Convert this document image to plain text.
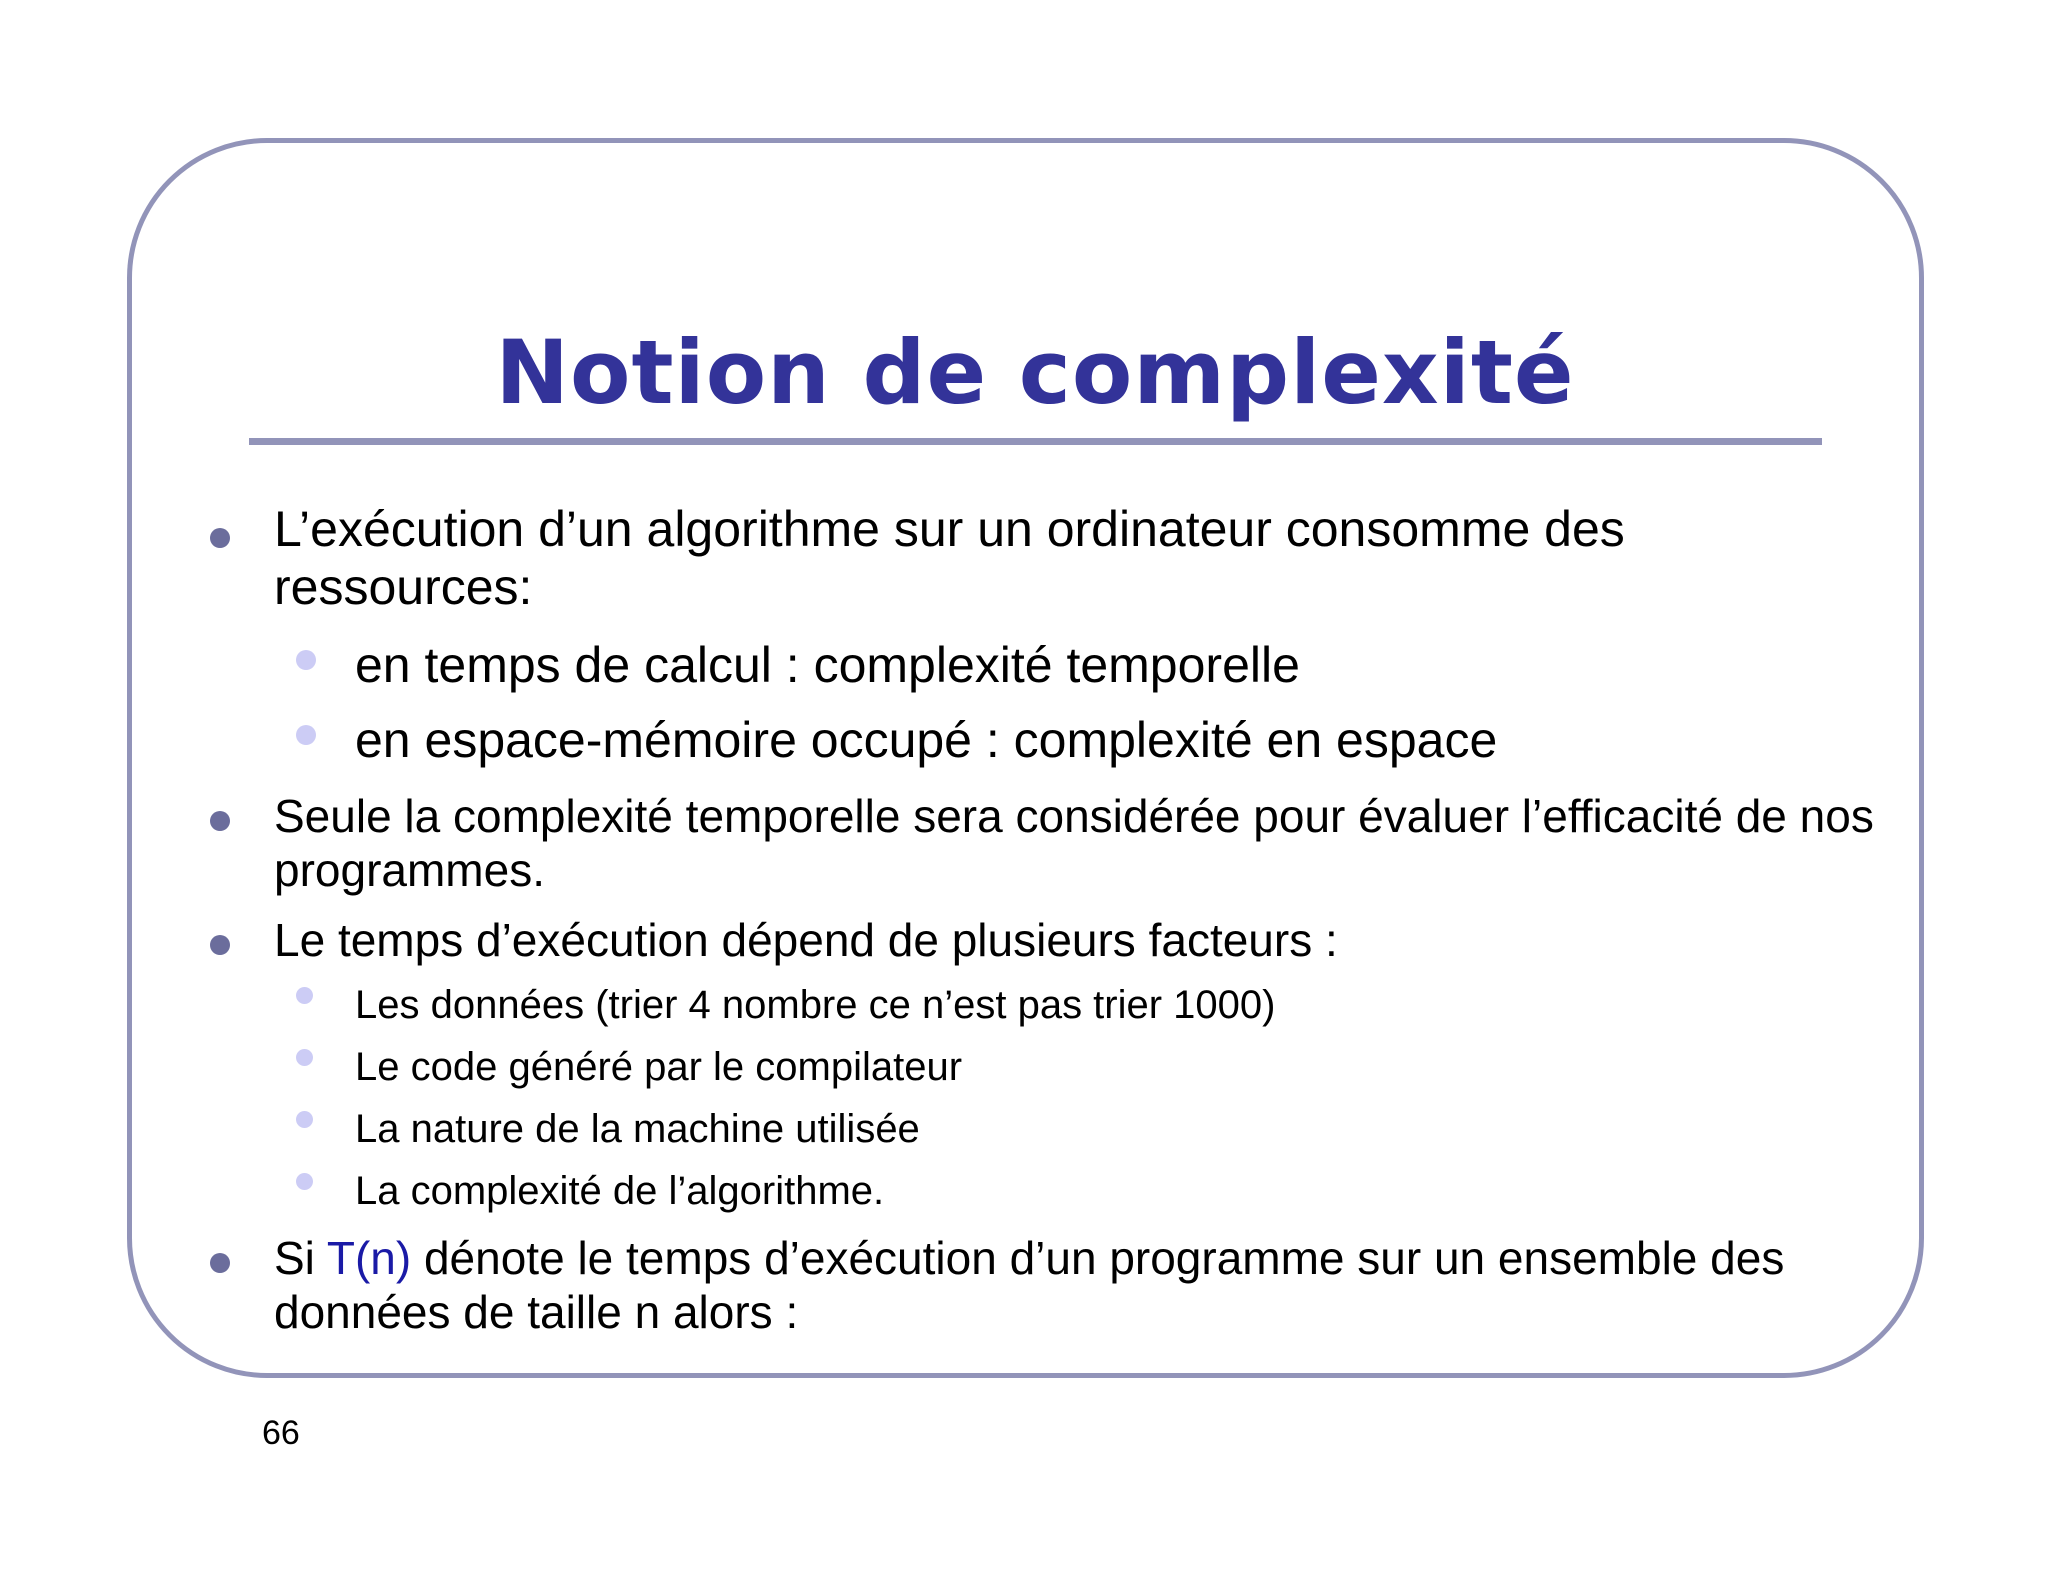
Notion de complexité
L’exécution d’un algorithme sur un ordinateur consomme des ressources:
en temps de calcul : complexité temporelle
en espace-mémoire occupé : complexité en espace
Seule la complexité temporelle sera considérée pour évaluer l’efficacité de nos programmes.
Le temps d’exécution dépend de plusieurs facteurs :
Les données (trier 4 nombre ce n’est pas trier 1000)
Le code généré par le compilateur
La nature de la machine utilisée
La complexité de l’algorithme.
Si T(n) dénote le temps d’exécution d’un programme sur un ensemble des données de taille n alors :
66
